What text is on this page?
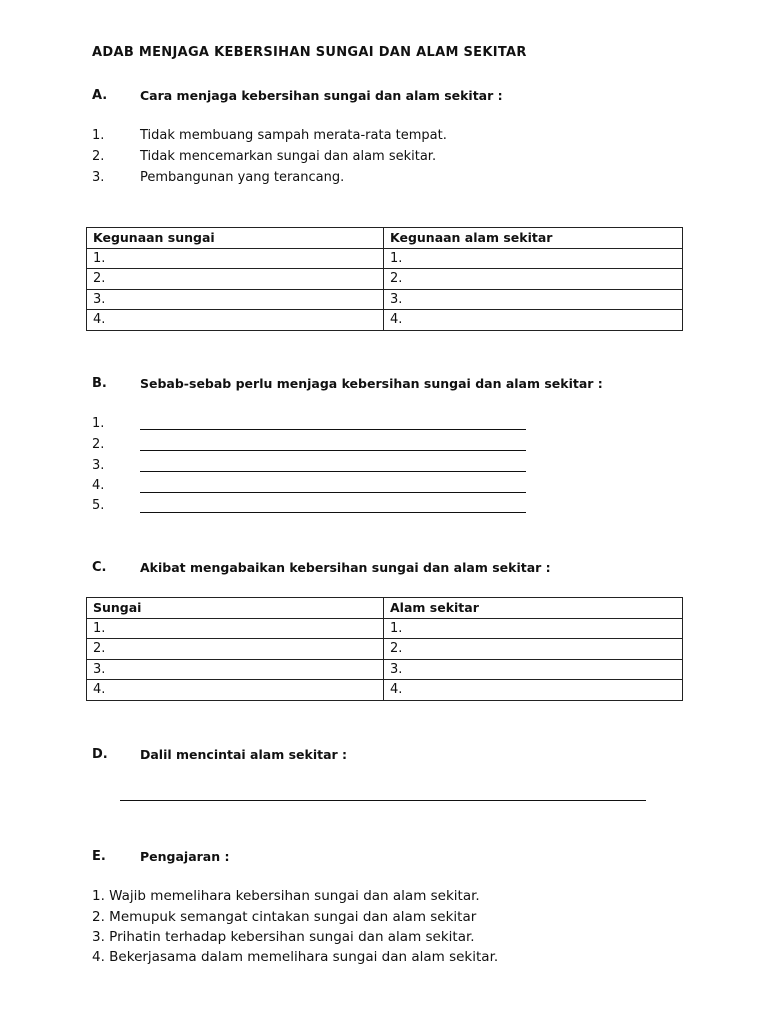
ADAB MENJAGA KEBERSIHAN SUNGAI DAN ALAM SEKITAR
A.	Cara menjaga kebersihan sungai dan alam sekitar :
1.	Tidak membuang sampah merata-rata tempat.
2.	Tidak mencemarkan sungai dan alam sekitar.
3.	Pembangunan yang terancang.
Kegunaan sungai	Kegunaan alam sekitar
1.	1.
2.	2.
3.	3.
4.	4.
B.	Sebab-sebab perlu menjaga kebersihan sungai dan alam sekitar :
1.
2.
3.
4.
5.
C.	Akibat mengabaikan kebersihan sungai dan alam sekitar :
Sungai	Alam sekitar
1.	1.
2.	2.
3.	3.
4.	4.
D.	Dalil mencintai alam sekitar :
E.	Pengajaran :
1. Wajib memelihara kebersihan sungai dan alam sekitar.
2. Memupuk semangat cintakan sungai dan alam sekitar
3. Prihatin terhadap kebersihan sungai dan alam sekitar.
4. Bekerjasama dalam memelihara sungai dan alam sekitar.
